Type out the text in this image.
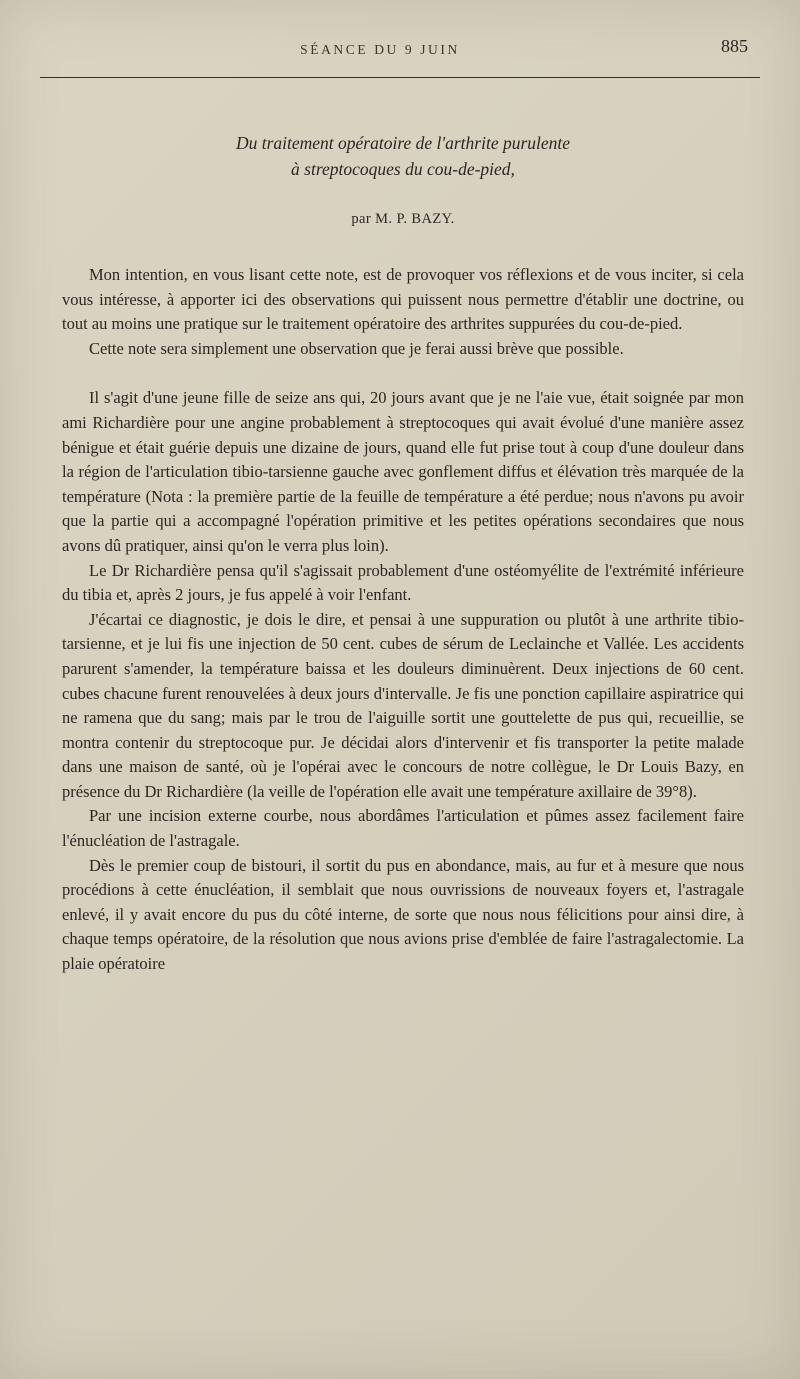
SÉANCE DU 9 JUIN	885
Du traitement opératoire de l'arthrite purulente
à streptocoques du cou-de-pied,
par M. P. BAZY.

Mon intention, en vous lisant cette note, est de provoquer vos réflexions et de vous inciter, si cela vous intéresse, à apporter ici des observations qui puissent nous permettre d'établir une doctrine, ou tout au moins une pratique sur le traitement opératoire des arthrites suppurées du cou-de-pied.

Cette note sera simplement une observation que je ferai aussi brève que possible.

Il s'agit d'une jeune fille de seize ans qui, 20 jours avant que je ne l'aie vue, était soignée par mon ami Richardière pour une angine probablement à streptocoques qui avait évolué d'une manière assez bénigue et était guérie depuis une dizaine de jours, quand elle fut prise tout à coup d'une douleur dans la région de l'articulation tibio-tarsienne gauche avec gonflement diffus et élévation très marquée de la température (Nota : la première partie de la feuille de température a été perdue; nous n'avons pu avoir que la partie qui a accompagné l'opération primitive et les petites opérations secondaires que nous avons dû pratiquer, ainsi qu'on le verra plus loin).

Le Dr Richardière pensa qu'il s'agissait probablement d'une ostéomyélite de l'extrémité inférieure du tibia et, après 2 jours, je fus appelé à voir l'enfant.

J'écartai ce diagnostic, je dois le dire, et pensai à une suppuration ou plutôt à une arthrite tibio-tarsienne, et je lui fis une injection de 50 cent. cubes de sérum de Leclainche et Vallée. Les accidents parurent s'amender, la température baissa et les douleurs diminuèrent. Deux injections de 60 cent. cubes chacune furent renouvelées à deux jours d'intervalle. Je fis une ponction capillaire aspiratrice qui ne ramena que du sang; mais par le trou de l'aiguille sortit une gouttelette de pus qui, recueillie, se montra contenir du streptocoque pur. Je décidai alors d'intervenir et fis transporter la petite malade dans une maison de santé, où je l'opérai avec le concours de notre collègue, le Dr Louis Bazy, en présence du Dr Richardière (la veille de l'opération elle avait une température axillaire de 39°8).

Par une incision externe courbe, nous abordâmes l'articulation et pûmes assez facilement faire l'énucléation de l'astragale.

Dès le premier coup de bistouri, il sortit du pus en abondance, mais, au fur et à mesure que nous procédions à cette énucléation, il semblait que nous ouvrissions de nouveaux foyers et, l'astragale enlevé, il y avait encore du pus du côté interne, de sorte que nous nous félicitions pour ainsi dire, à chaque temps opératoire, de la résolution que nous avions prise d'emblée de faire l'astragalectomie. La plaie opératoire
